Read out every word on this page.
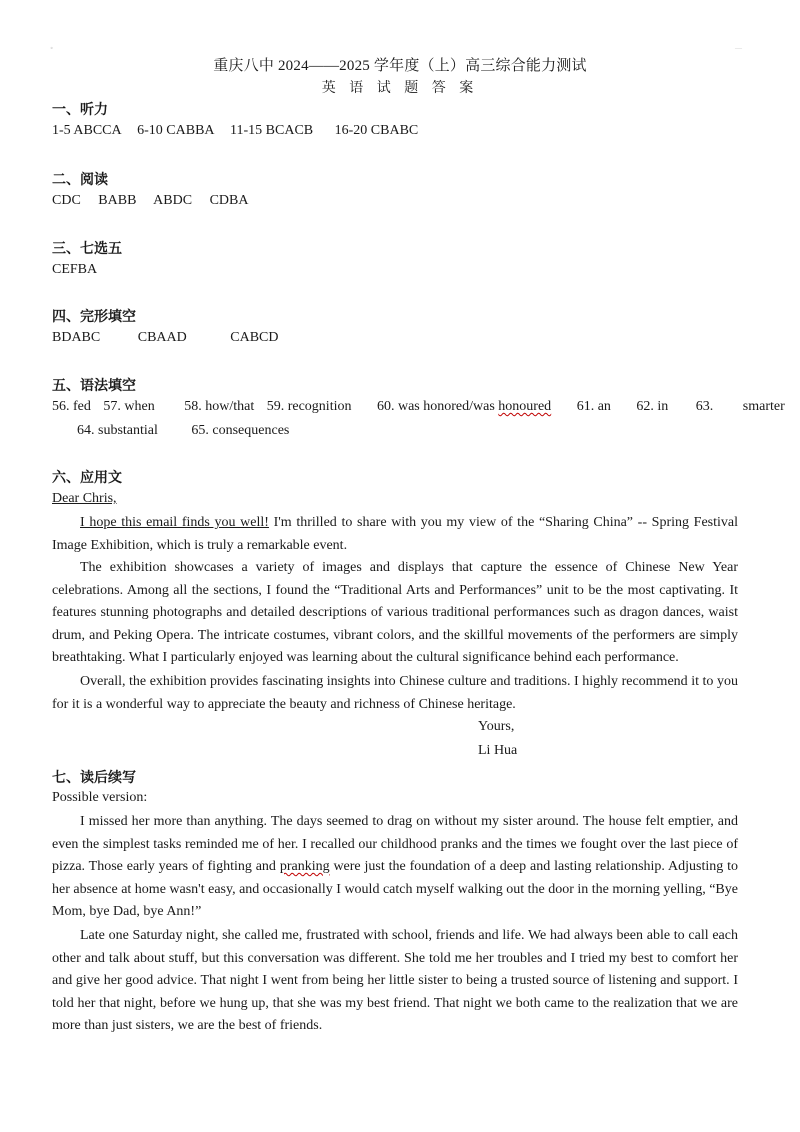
∘	—
重庆八中 2024——2025 学年度（上）高三综合能力测试
英 语 试 题 答 案
一、听力
1-5 ABCCA 6-10 CABBA 11-15 BCACB 16-20 CBABC
二、阅读
CDC BABB ABDC CDBA
三、七选五
CEFBA
四、完形填空
BDABC	CBAAD	CABCD
五、语法填空
56. fed 57. when 58. how/that 59. recognition 60. was honored/was honoured 61. an 62. in 63. smarter
64. substantial 65. consequences
六、应用文
Dear Chris,
I hope this email finds you well! I'm thrilled to share with you my view of the “Sharing China” -- Spring Festival Image Exhibition, which is truly a remarkable event.
The exhibition showcases a variety of images and displays that capture the essence of Chinese New Year celebrations. Among all the sections, I found the “Traditional Arts and Performances” unit to be the most captivating. It features stunning photographs and detailed descriptions of various traditional performances such as dragon dances, waist drum, and Peking Opera. The intricate costumes, vibrant colors, and the skillful movements of the performers are simply breathtaking. What I particularly enjoyed was learning about the cultural significance behind each performance.
Overall, the exhibition provides fascinating insights into Chinese culture and traditions. I highly recommend it to you for it is a wonderful way to appreciate the beauty and richness of Chinese heritage.
Yours,
Li Hua
七、读后续写
Possible version:
I missed her more than anything. The days seemed to drag on without my sister around. The house felt emptier, and even the simplest tasks reminded me of her. I recalled our childhood pranks and the times we fought over the last piece of pizza. Those early years of fighting and pranking were just the foundation of a deep and lasting relationship. Adjusting to her absence at home wasn't easy, and occasionally I would catch myself walking out the door in the morning yelling, “Bye Mom, bye Dad, bye Ann!”
Late one Saturday night, she called me, frustrated with school, friends and life. We had always been able to call each other and talk about stuff, but this conversation was different. She told me her troubles and I tried my best to comfort her and give her good advice. That night I went from being her little sister to being a trusted source of listening and support. I told her that night, before we hung up, that she was my best friend. That night we both came to the realization that we are more than just sisters, we are the best of friends.
